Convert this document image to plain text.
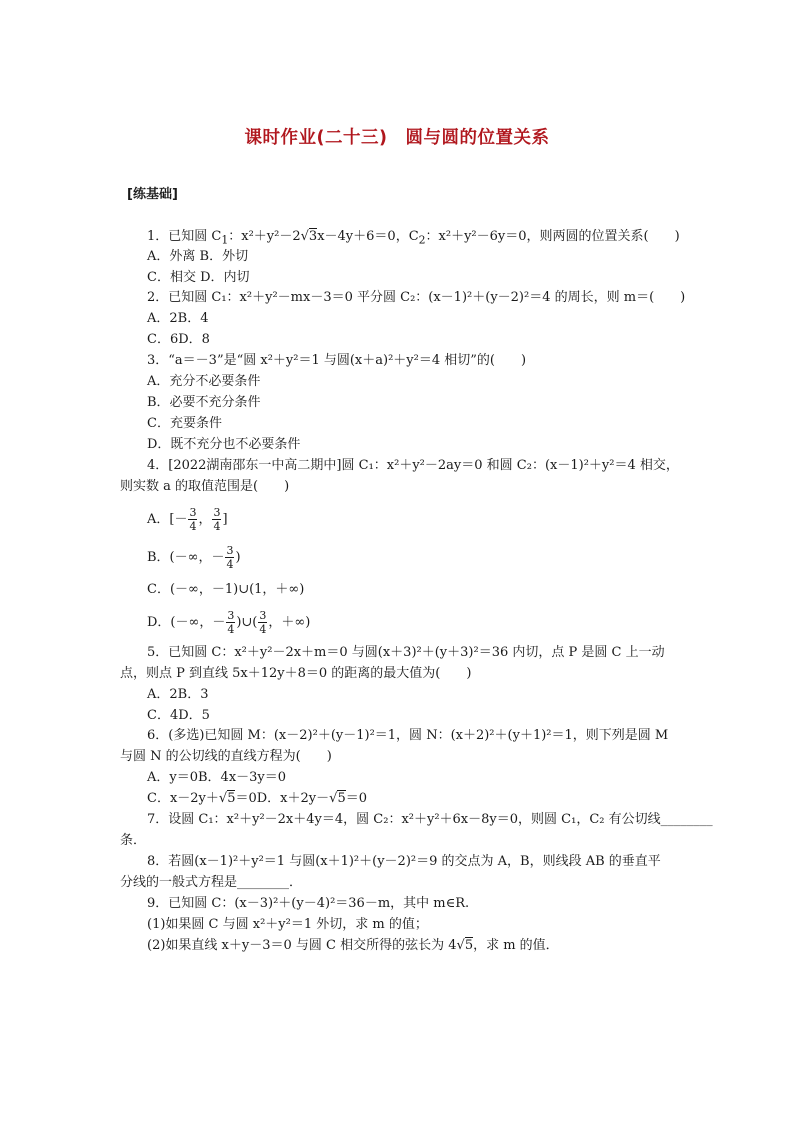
课时作业(二十三)　圆与圆的位置关系
[练基础]
1．已知圆 $C_1$：x²＋y²－2√3x－4y＋6＝0，$C_2$：x²＋y²－6y＝0，则两圆的位置关系(　　)
A．外离 B．外切
C．相交 D．内切
2．已知圆 C₁：x²＋y²－mx－3＝0 平分圆 C₂：(x－1)²＋(y－2)²＝4 的周长，则 m＝(　　)
A．2B．4
C．6D．8
3．“a＝－3”是“圆 x²＋y²＝1 与圆(x＋a)²＋y²＝4 相切”的(　　)
A．充分不必要条件
B．必要不充分条件
C．充要条件
D．既不充分也不必要条件
4．[2022湖南邵东一中高二期中]圆 C₁：x²＋y²－2ay＝0 和圆 C₂：(x－1)²＋y²＝4 相交，
则实数 a 的取值范围是(　　)
A．[－ $\frac{3}{4}$ ， $\frac{3}{4}$ ]
B．(－∞，－ $\frac{3}{4}$ )
C．(－∞，－1)∪(1，＋∞)
D．(－∞，－ $\frac{3}{4}$ )∪( $\frac{3}{4}$ ，＋∞)
5．已知圆 C：x²＋y²－2x＋m＝0 与圆(x＋3)²＋(y＋3)²＝36 内切，点 P 是圆 C 上一动
点，则点 P 到直线 5x＋12y＋8＝0 的距离的最大值为(　　)
A．2B．3
C．4D．5
6．(多选)已知圆 M：(x－2)²＋(y－1)²＝1，圆 N：(x＋2)²＋(y＋1)²＝1，则下列是圆 M
与圆 N 的公切线的直线方程为(　　)
A．y＝0B．4x－3y＝0
C．x－2y＋√5＝0D．x＋2y－√5＝0
7．设圆 C₁：x²＋y²－2x＋4y＝4，圆 C₂：x²＋y²＋6x－8y＝0，则圆 C₁，C₂ 有公切线________
条．
8．若圆(x－1)²＋y²＝1 与圆(x＋1)²＋(y－2)²＝9 的交点为 A，B，则线段 AB 的垂直平
分线的一般式方程是________．
9．已知圆 C：(x－3)²＋(y－4)²＝36－m，其中 m∈R.
(1)如果圆 C 与圆 x²＋y²＝1 外切，求 m 的值；
(2)如果直线 x＋y－3＝0 与圆 C 相交所得的弦长为 4√5，求 m 的值．
